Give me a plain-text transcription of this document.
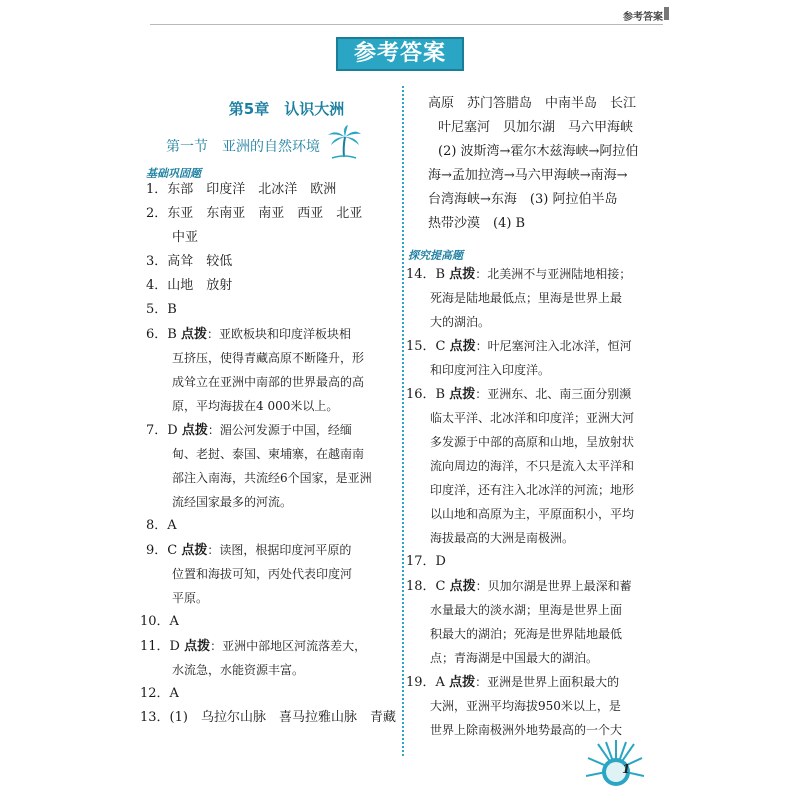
参考答案
参考答案
第5章　认识大洲
第一节　亚洲的自然环境
基础巩固题
1．东部　印度洋　北冰洋　欧洲
2．东亚　东南亚　南亚　西亚　北亚
中亚
3．高耸　较低
4．山地　放射
5．B
6．B 点拨：亚欧板块和印度洋板块相
互挤压，使得青藏高原不断隆升，形
成耸立在亚洲中南部的世界最高的高
原，平均海拔在4 000米以上。
7．D 点拨：湄公河发源于中国，经缅
甸、老挝、泰国、柬埔寨，在越南南
部注入南海，共流经6个国家，是亚洲
流经国家最多的河流。
8．A
9．C 点拨：读图，根据印度河平原的
位置和海拔可知，丙处代表印度河
平原。
10．A
11．D 点拨：亚洲中部地区河流落差大，
水流急，水能资源丰富。
12．A
13．(1)　乌拉尔山脉　喜马拉雅山脉　青藏
高原　苏门答腊岛　中南半岛　长江
叶尼塞河　贝加尔湖　马六甲海峡
(2) 波斯湾→霍尔木兹海峡→阿拉伯
海→孟加拉湾→马六甲海峡→南海→
台湾海峡→东海　(3) 阿拉伯半岛
热带沙漠　(4) B
探究提高题
14．B 点拨：北美洲不与亚洲陆地相接；
死海是陆地最低点；里海是世界上最
大的湖泊。
15．C 点拨：叶尼塞河注入北冰洋，恒河
和印度河注入印度洋。
16．B 点拨：亚洲东、北、南三面分别濒
临太平洋、北冰洋和印度洋；亚洲大河
多发源于中部的高原和山地，呈放射状
流向周边的海洋，不只是流入太平洋和
印度洋，还有注入北冰洋的河流；地形
以山地和高原为主，平原面积小，平均
海拔最高的大洲是南极洲。
17．D
18．C 点拨：贝加尔湖是世界上最深和蓄
水量最大的淡水湖；里海是世界上面
积最大的湖泊；死海是世界陆地最低
点；青海湖是中国最大的湖泊。
19．A 点拨：亚洲是世界上面积最大的
大洲，亚洲平均海拔950米以上，是
世界上除南极洲外地势最高的一个大
1
